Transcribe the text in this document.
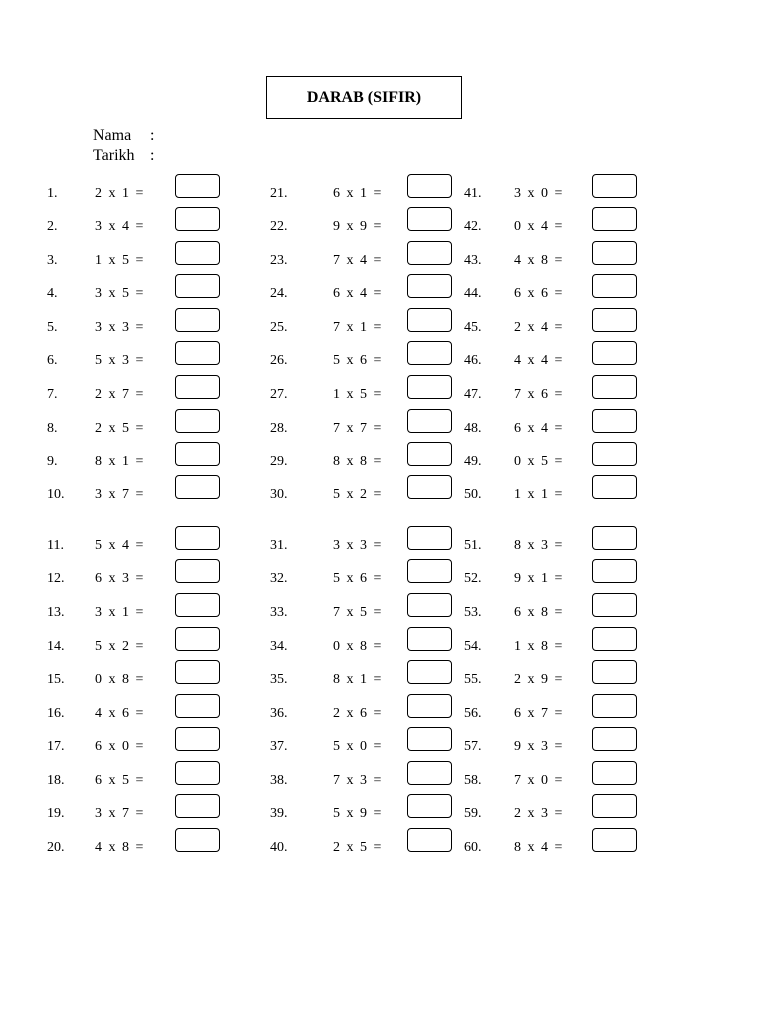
DARAB (SIFIR)
Nama :
Tarikh :
1.	2 x 1 =
2.	3 x 4 =
3.	1 x 5 =
4.	3 x 5 =
5.	3 x 3 =
6.	5 x 3 =
7.	2 x 7 =
8.	2 x 5 =
9.	8 x 1 =
10. 3 x 7 =
11. 5 x 4 =
12. 6 x 3 =
13. 3 x 1 =
14. 5 x 2 =
15. 0 x 8 =
16. 4 x 6 =
17. 6 x 0 =
18. 6 x 5 =
19. 3 x 7 =
20. 4 x 8 =
21.	6 x 1 =
22.	9 x 9 =
23.	7 x 4 =
24.	6 x 4 =
25.	7 x 1 =
26.	5 x 6 =
27.	1 x 5 =
28.	7 x 7 =
29.	8 x 8 =
30.	5 x 2 =
31.	3 x 3 =
32.	5 x 6 =
33.	7 x 5 =
34.	0 x 8 =
35.	8 x 1 =
36.	2 x 6 =
37.	5 x 0 =
38.	7 x 3 =
39.	5 x 9 =
40.	2 x 5 =
41. 3 x 0 =
42. 0 x 4 =
43. 4 x 8 =
44. 6 x 6 =
45. 2 x 4 =
46. 4 x 4 =
47. 7 x 6 =
48. 6 x 4 =
49. 0 x 5 =
50. 1 x 1 =
51. 8 x 3 =
52. 9 x 1 =
53. 6 x 8 =
54. 1 x 8 =
55. 2 x 9 =
56. 6 x 7 =
57. 9 x 3 =
58. 7 x 0 =
59. 2 x 3 =
60. 8 x 4 =
